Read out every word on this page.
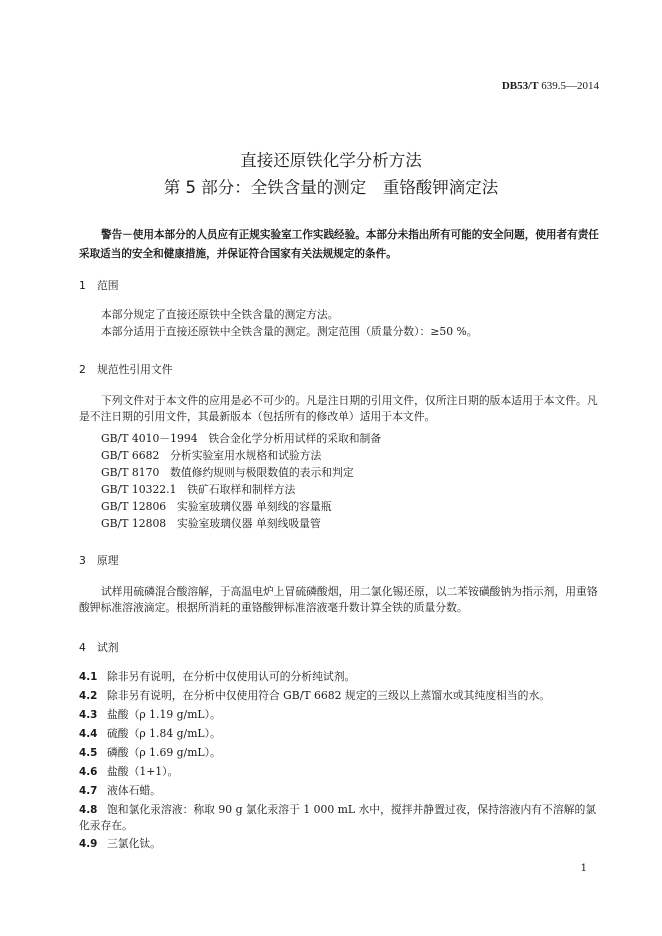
DB53/T 639.5—2014
直接还原铁化学分析方法
第 5 部分：全铁含量的测定　重铬酸钾滴定法
警告－使用本部分的人员应有正规实验室工作实践经验。本部分未指出所有可能的安全问题，使用者有责任采取适当的安全和健康措施，并保证符合国家有关法规规定的条件。
1 范围
本部分规定了直接还原铁中全铁含量的测定方法。
本部分适用于直接还原铁中全铁含量的测定。测定范围（质量分数）：≥50 %。
2 规范性引用文件
下列文件对于本文件的应用是必不可少的。凡是注日期的引用文件，仅所注日期的版本适用于本文件。凡是不注日期的引用文件，其最新版本（包括所有的修改单）适用于本文件。
GB/T 4010－1994　铁合金化学分析用试样的采取和制备
GB/T 6682　分析实验室用水规格和试验方法
GB/T 8170　数值修约规则与极限数值的表示和判定
GB/T 10322.1　铁矿石取样和制样方法
GB/T 12806　实验室玻璃仪器 单刻线的容量瓶
GB/T 12808　实验室玻璃仪器 单刻线吸量管
3 原理
试样用硫磷混合酸溶解，于高温电炉上冒硫磷酸烟，用二氯化锡还原，以二苯铵磺酸钠为指示剂，用重铬酸钾标准溶液滴定。根据所消耗的重铬酸钾标准溶液毫升数计算全铁的质量分数。
4 试剂
4.1 除非另有说明，在分析中仅使用认可的分析纯试剂。
4.2 除非另有说明，在分析中仅使用符合 GB/T 6682 规定的三级以上蒸馏水或其纯度相当的水。
4.3 盐酸（ρ 1.19 g/mL）。
4.4 硫酸（ρ 1.84 g/mL）。
4.5 磷酸（ρ 1.69 g/mL）。
4.6 盐酸（1+1）。
4.7 液体石蜡。
4.8 饱和氯化汞溶液：称取 90 g 氯化汞溶于 1 000 mL 水中，搅拌并静置过夜，保持溶液内有不溶解的氯化汞存在。
4.9 三氯化钛。
1
